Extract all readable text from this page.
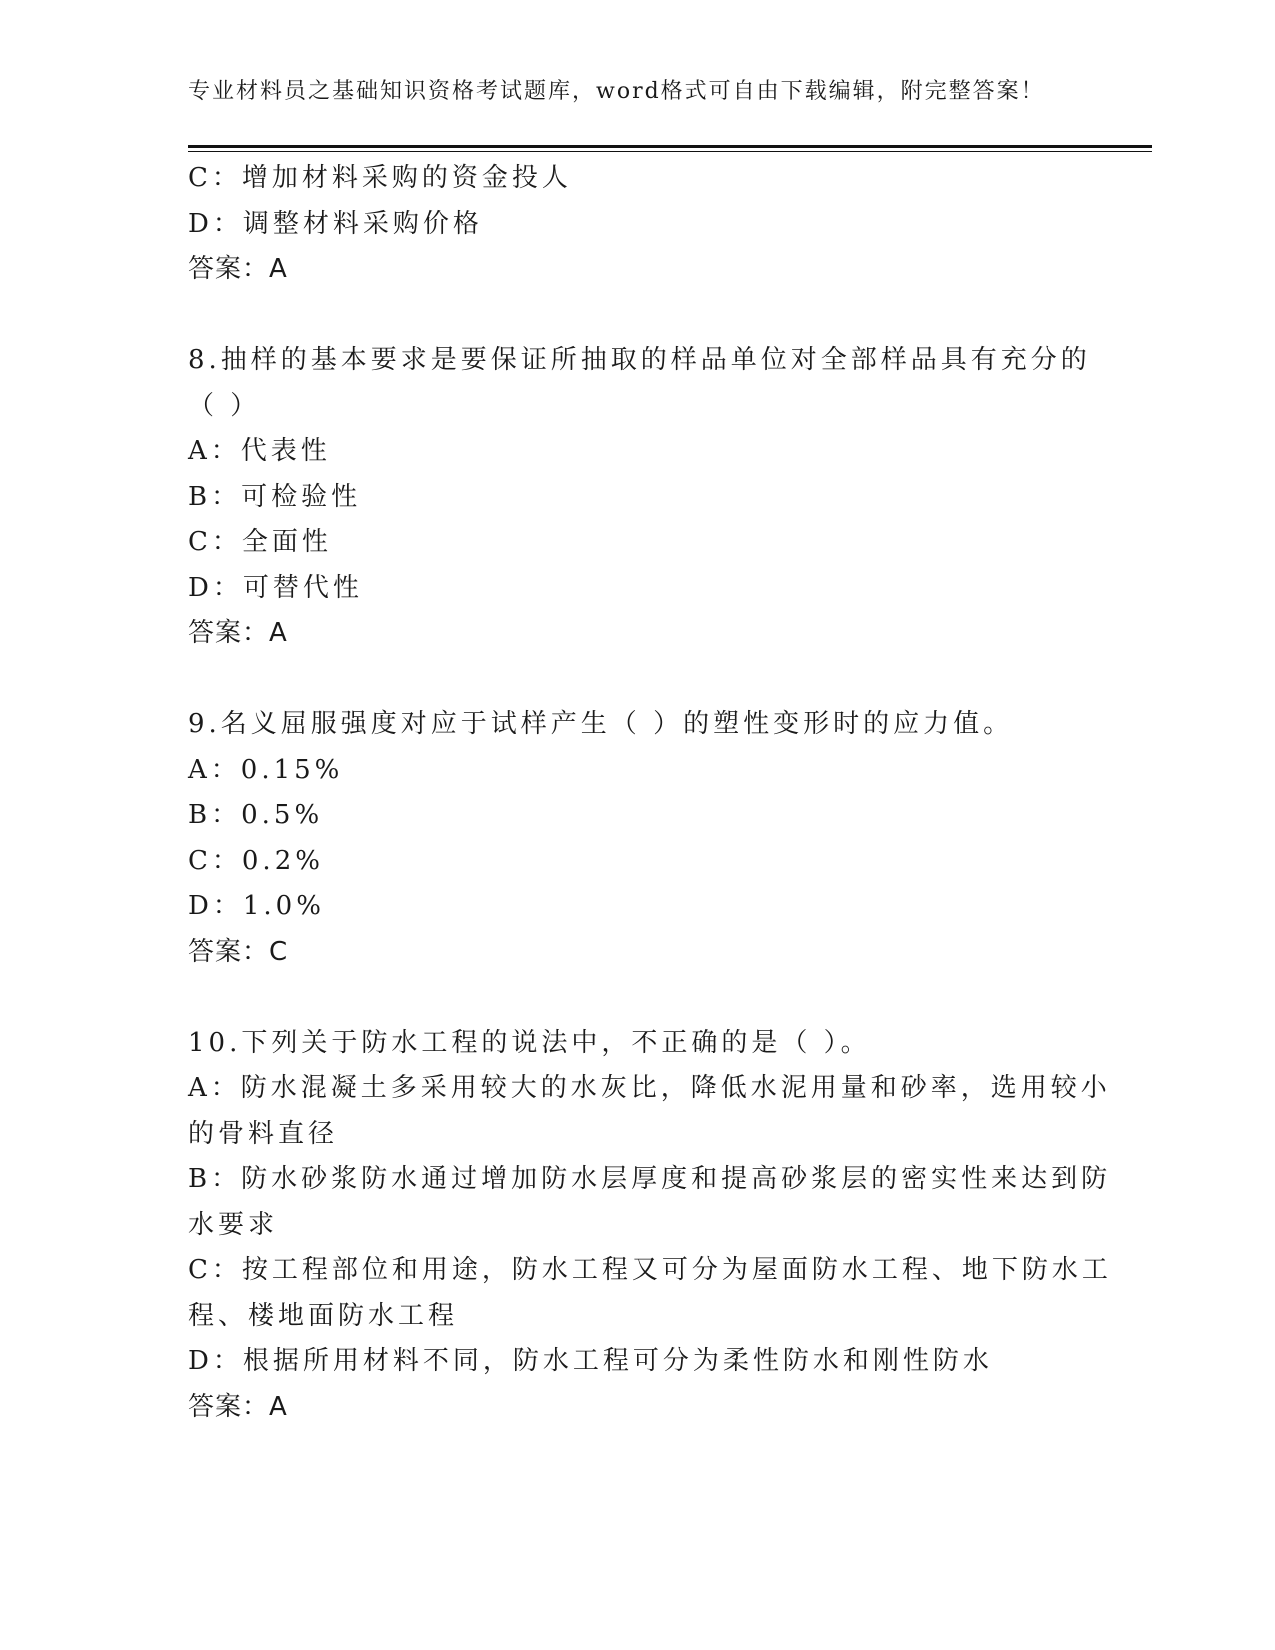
专业材料员之基础知识资格考试题库，word格式可自由下载编辑，附完整答案！
C：增加材料采购的资金投人
D：调整材料采购价格
答案：A
8.抽样的基本要求是要保证所抽取的样品单位对全部样品具有充分的
（ ）
A：代表性
B：可检验性
C：全面性
D：可替代性
答案：A
9.名义屈服强度对应于试样产生（ ）的塑性变形时的应力值。
A：0.15%
B：0.5%
C：0.2%
D：1.0%
答案：C
10.下列关于防水工程的说法中，不正确的是（ ）。
A：防水混凝土多采用较大的水灰比，降低水泥用量和砂率，选用较小
的骨料直径
B：防水砂浆防水通过增加防水层厚度和提高砂浆层的密实性来达到防
水要求
C：按工程部位和用途，防水工程又可分为屋面防水工程、地下防水工
程、楼地面防水工程
D：根据所用材料不同，防水工程可分为柔性防水和刚性防水
答案：A
